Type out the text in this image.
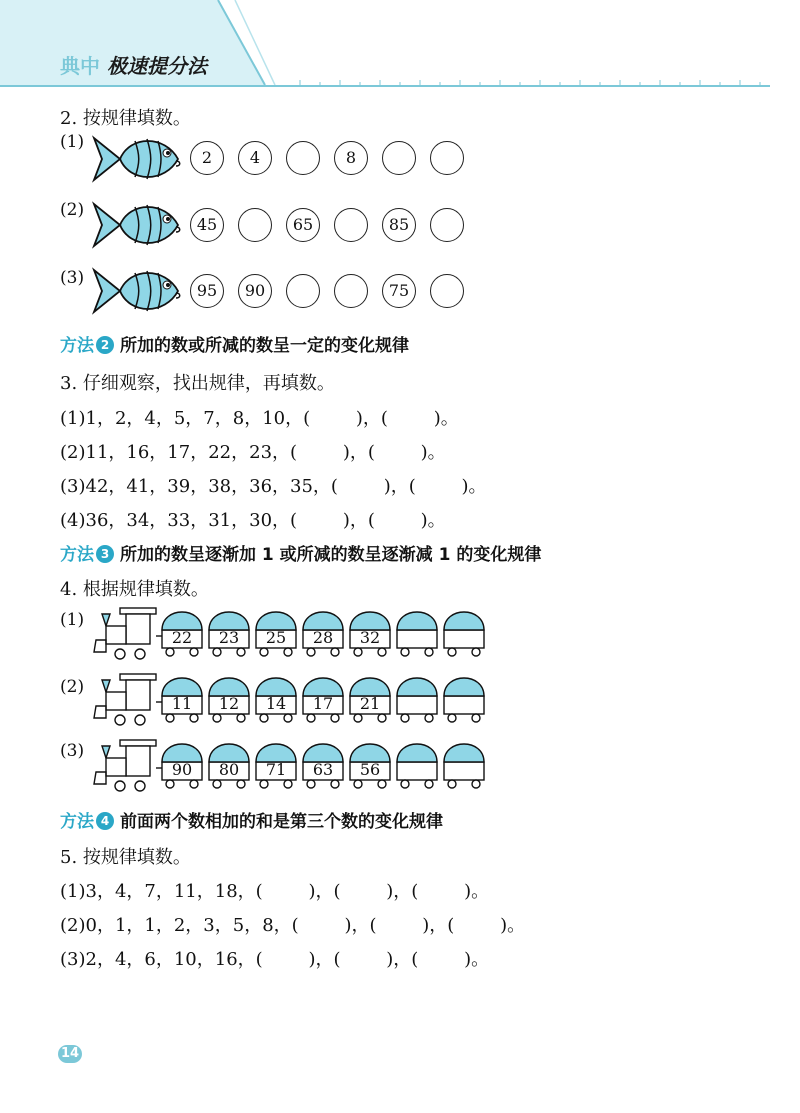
典中 极速提分法
2. 按规律填数。
(1)
2	4	8
(2)
45	65	85
(3)
95	90	75
方法 2 所加的数或所减的数呈一定的变化规律
3. 仔细观察，找出规律，再填数。
(1)1，2，4，5，7，8，10，(        )，(        )。
(2)11，16，17，22，23，(        )，(        )。
(3)42，41，39，38，36，35，(        )，(        )。
(4)36，34，33，31，30，(        )，(        )。
方法 3 所加的数呈逐渐加 1 或所减的数呈逐渐减 1 的变化规律
4. 根据规律填数。
(1)
22	23	25	28	32
(2)
11	12	14	17	21
(3)
90	80	71	63	56
方法 4 前面两个数相加的和是第三个数的变化规律
5. 按规律填数。
(1)3，4，7，11，18，(        )，(        )，(        )。
(2)0，1，1，2，3，5，8，(        )，(        )，(        )。
(3)2，4，6，10，16，(        )，(        )，(        )。
14
